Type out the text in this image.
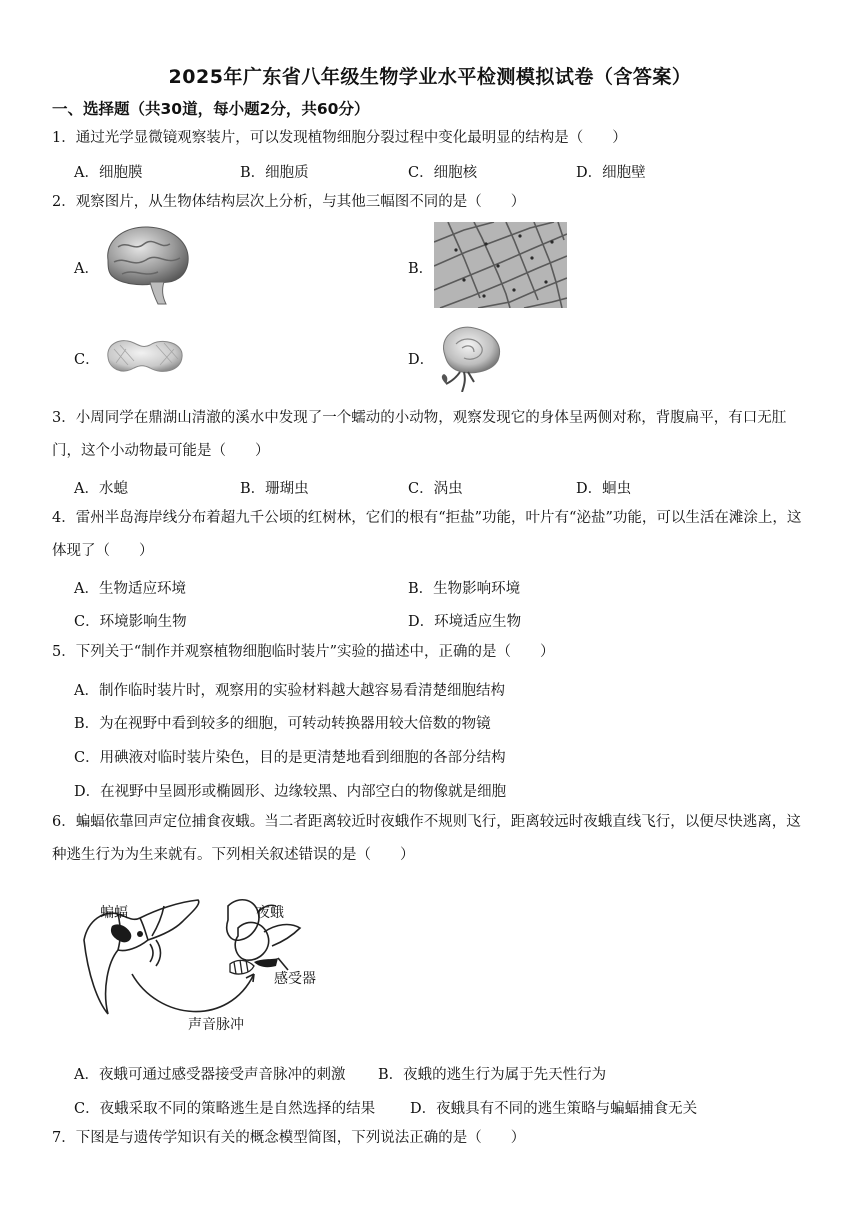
2025年广东省八年级生物学业水平检测模拟试卷（含答案）
一、选择题（共30道，每小题2分，共60分）
1．通过光学显微镜观察装片，可以发现植物细胞分裂过程中变化最明显的结构是（　　）
A．细胞膜	B．细胞质	C．细胞核	D．细胞壁
2．观察图片，从生物体结构层次上分析，与其他三幅图不同的是（　　）
A．	B．
C．	D．
3．小周同学在鼎湖山清澈的溪水中发现了一个蠕动的小动物，观察发现它的身体呈两侧对称，背腹扁平，有口无肛门，这个小动物最可能是（　　）
A．水螅	B．珊瑚虫	C．涡虫	D．蛔虫
4．雷州半岛海岸线分布着超九千公顷的红树林，它们的根有“拒盐”功能，叶片有“泌盐”功能，可以生活在滩涂上，这体现了（　　）
A．生物适应环境	B．生物影响环境
C．环境影响生物	D．环境适应生物
5．下列关于“制作并观察植物细胞临时装片”实验的描述中，正确的是（　　）
A．制作临时装片时，观察用的实验材料越大越容易看清楚细胞结构
B．为在视野中看到较多的细胞，可转动转换器用较大倍数的物镜
C．用碘液对临时装片染色，目的是更清楚地看到细胞的各部分结构
D．在视野中呈圆形或椭圆形、边缘较黑、内部空白的物像就是细胞
6．蝙蝠依靠回声定位捕食夜蛾。当二者距离较近时夜蛾作不规则飞行，距离较远时夜蛾直线飞行，以便尽快逃离，这种逃生行为为生来就有。下列相关叙述错误的是（　　）
蝙蝠	夜蛾
感受器
声音脉冲
A．夜蛾可通过感受器接受声音脉冲的刺激 B．夜蛾的逃生行为属于先天性行为
C．夜蛾采取不同的策略逃生是自然选择的结果 D．夜蛾具有不同的逃生策略与蝙蝠捕食无关
7．下图是与遗传学知识有关的概念模型简图，下列说法正确的是（　　）
